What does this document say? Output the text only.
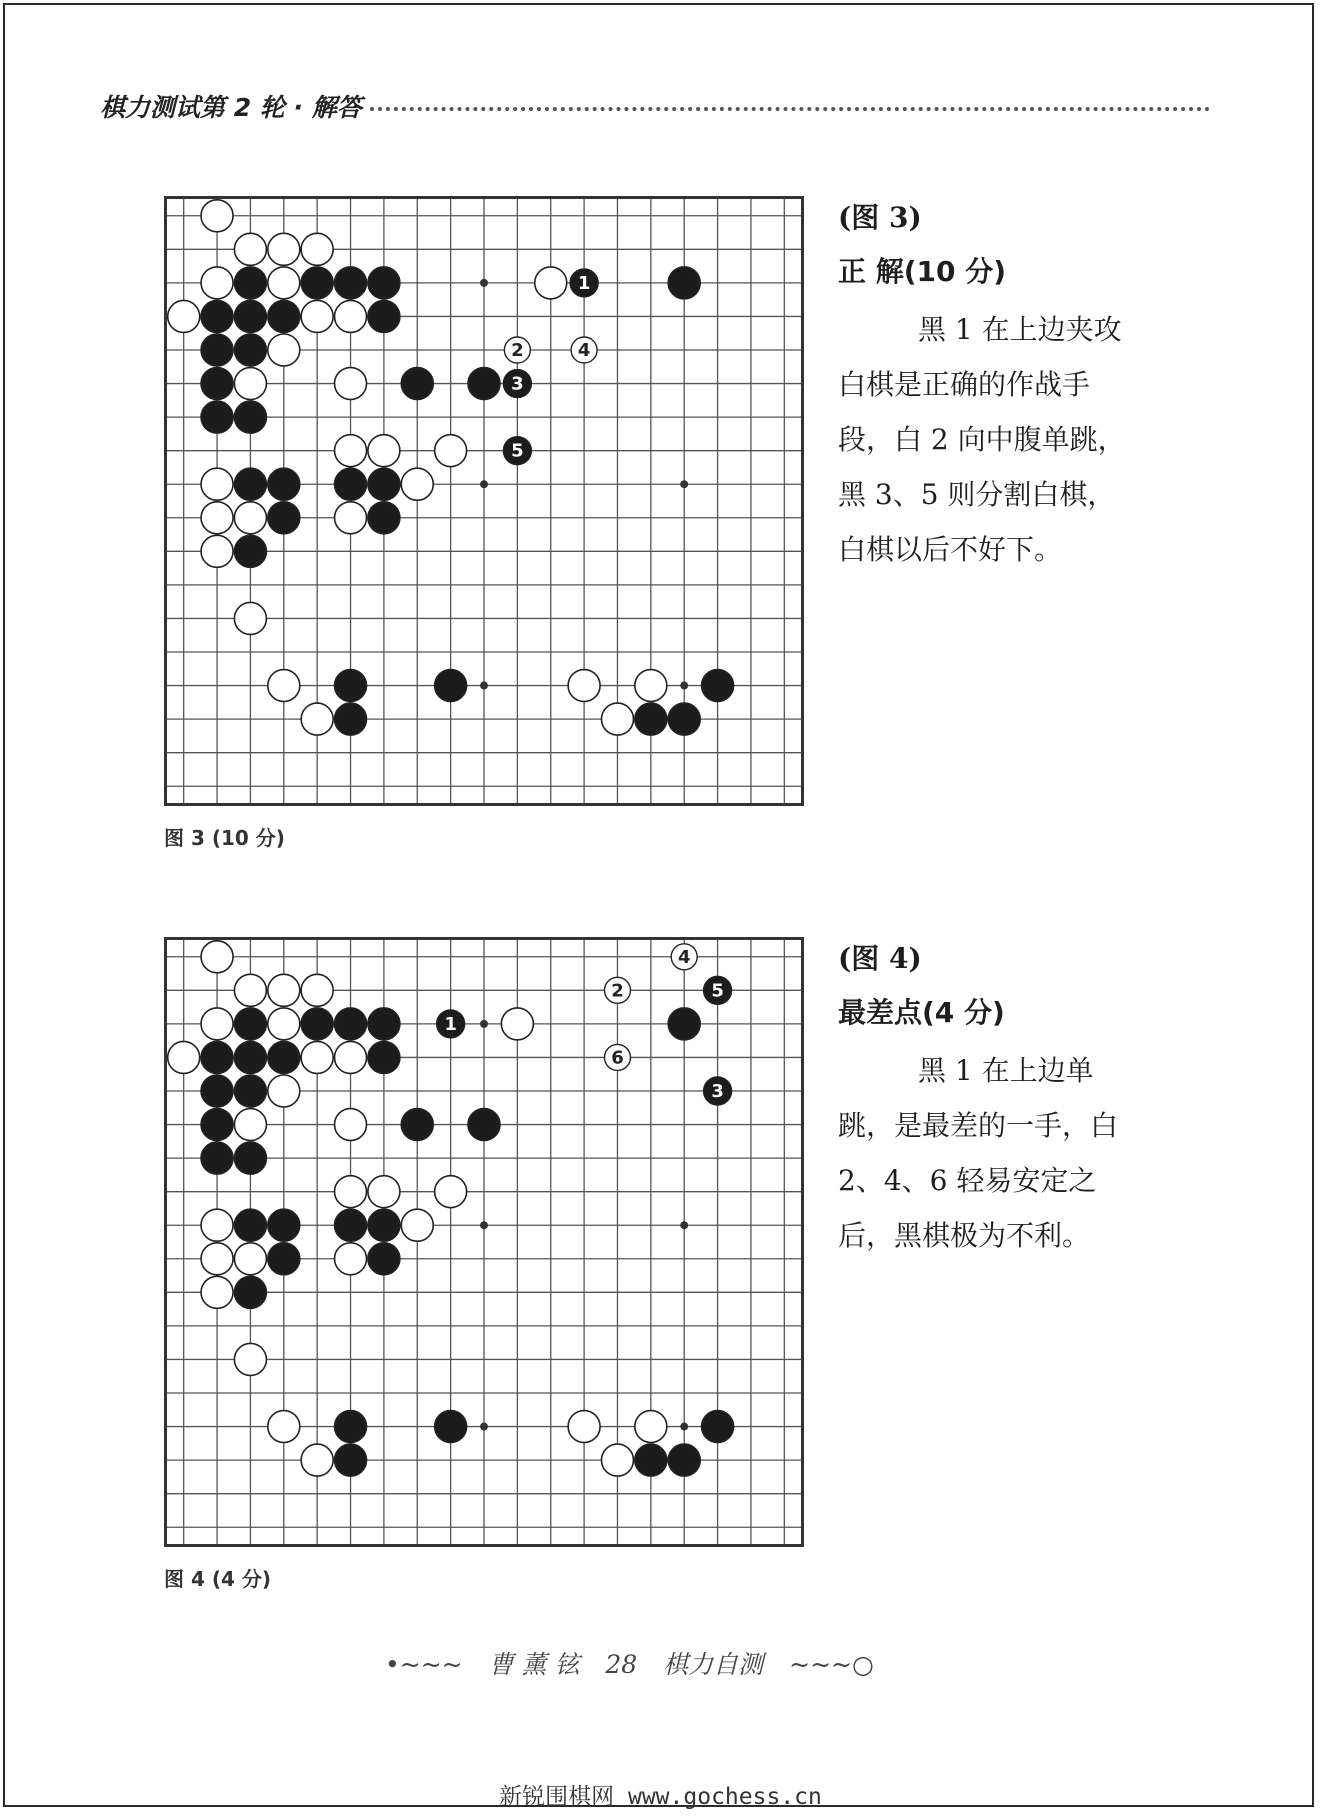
棋力测试第 2 轮 · 解答
1
2
3
4
5
图 3 (10 分)
(图 3)
正 解(10 分)
黑 1 在上边夹攻
白棋是正确的作战手
段，白 2 向中腹单跳，
黑 3、5 则分割白棋，
白棋以后不好下。
1
2
3
4
5
6
图 4 (4 分)
(图 4)
最差点(4 分)
黑 1 在上边单
跳，是最差的一手，白
2、4、6 轻易安定之
后，黑棋极为不利。
•~~~ 曹 薰 铉 28 棋力自测 ~~~○
新锐围棋网 www.gochess.cn
